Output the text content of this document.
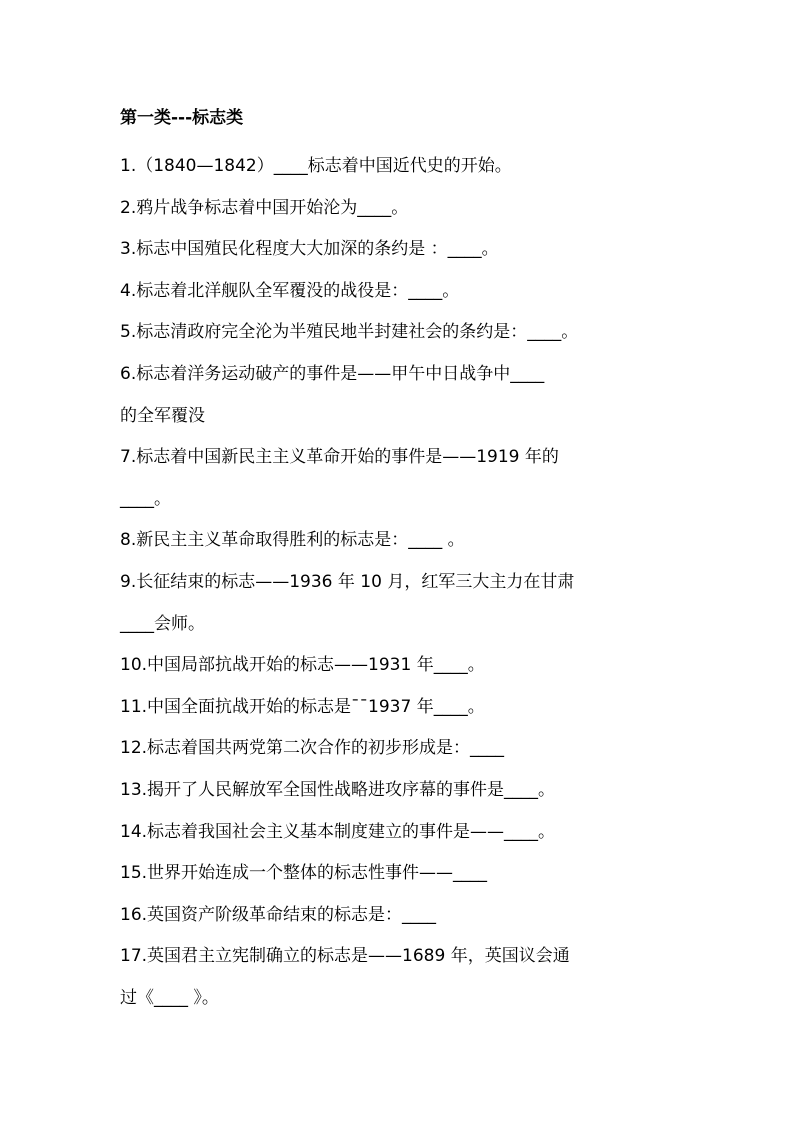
第一类---标志类
1.（1840—1842）____标志着中国近代史的开始。
2.鸦片战争标志着中国开始沦为____。
3.标志中国殖民化程度大大加深的条约是 ：____。
4.标志着北洋舰队全军覆没的战役是：____。
5.标志清政府完全沦为半殖民地半封建社会的条约是：____。
6.标志着洋务运动破产的事件是——甲午中日战争中____
的全军覆没
7.标志着中国新民主主义革命开始的事件是——1919 年的
____。
8.新民主主义革命取得胜利的标志是：____ 。
9.长征结束的标志——1936 年 10 月，红军三大主力在甘肃
____会师。
10.中国局部抗战开始的标志——1931 年____。
11.中国全面抗战开始的标志是¯¯1937 年____。
12.标志着国共两党第二次合作的初步形成是：____
13.揭开了人民解放军全国性战略进攻序幕的事件是____。
14.标志着我国社会主义基本制度建立的事件是——____。
15.世界开始连成一个整体的标志性事件——____
16.英国资产阶级革命结束的标志是：____
17.英国君主立宪制确立的标志是——1689 年，英国议会通
过《____ 》。
